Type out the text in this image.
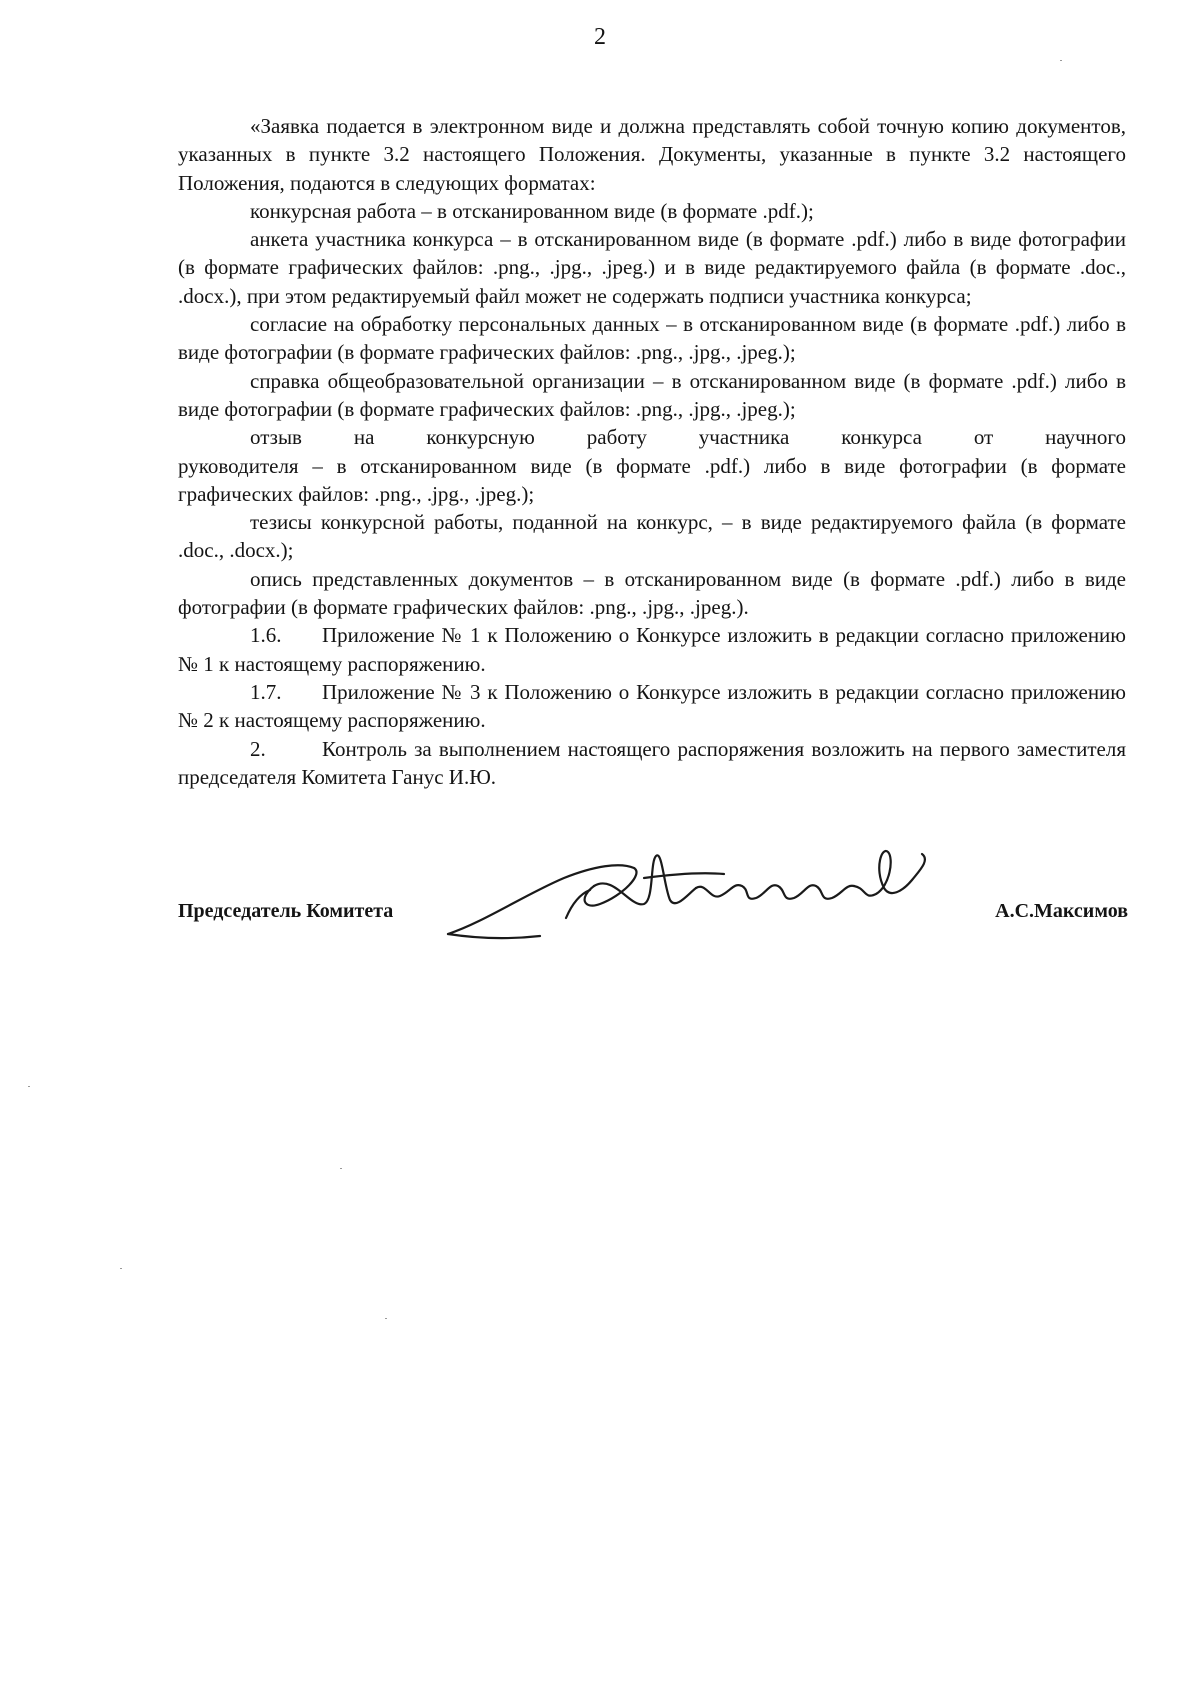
2

«Заявка подается в электронном виде и должна представлять собой точную копию документов, указанных в пункте 3.2 настоящего Положения. Документы, указанные в пункте 3.2 настоящего Положения, подаются в следующих форматах:

конкурсная работа – в отсканированном виде (в формате .pdf.);

анкета участника конкурса – в отсканированном виде (в формате .pdf.) либо в виде фотографии (в формате графических файлов: .png., .jpg., .jpeg.) и в виде редактируемого файла (в формате .doc., .docx.), при этом редактируемый файл может не содержать подписи участника конкурса;

согласие на обработку персональных данных – в отсканированном виде (в формате .pdf.) либо в виде фотографии (в формате графических файлов: .png., .jpg., .jpeg.);

справка общеобразовательной организации – в отсканированном виде (в формате .pdf.) либо в виде фотографии (в формате графических файлов: .png., .jpg., .jpeg.);

отзыв на конкурсную работу участника конкурса от научного

руководителя – в отсканированном виде (в формате .pdf.) либо в виде фотографии (в формате графических файлов: .png., .jpg., .jpeg.);

тезисы конкурсной работы, поданной на конкурс, – в виде редактируемого файла (в формате .doc., .docx.);

опись представленных документов – в отсканированном виде (в формате .pdf.) либо в виде фотографии (в формате графических файлов: .png., .jpg., .jpeg.).

1.6. Приложение № 1 к Положению о Конкурсе изложить в редакции согласно приложению № 1 к настоящему распоряжению.

1.7. Приложение № 3 к Положению о Конкурсе изложить в редакции согласно приложению № 2 к настоящему распоряжению.

2.	Контроль за выполнением настоящего распоряжения возложить на первого заместителя председателя Комитета Ганус И.Ю.

Председатель Комитета	А.С.Максимов
